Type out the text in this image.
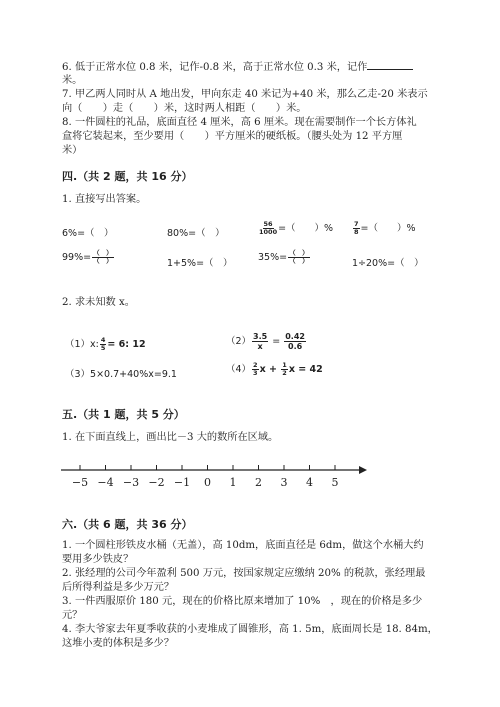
6. 低于正常水位 0.8 米，记作-0.8 米，高于正常水位 0.3 米，记作
米。
7. 甲乙两人同时从 A 地出发，甲向东走 40 米记为+40 米，那么乙走-20 米表示
向（　　）走（　　）米，这时两人相距（　　）米。
8. 一件圆柱的礼品，底面直径 4 厘米，高 6 厘米。现在需要制作一个长方体礼
盒将它装起来，至少要用（　　）平方厘米的硬纸板。（腰头处为 12 平方厘
米）
四.（共 2 题，共 16 分）
1. 直接写出答案。
6%=（　）	80%=（　）	$\frac{56}{1000}$ =（　　）%	$\frac{7}{8}$ =（　　）%
$99\%= \frac{( )}{( )}$	1+5%=（　）
$35\%= \frac{( )}{( )}$	1÷20%=（　）
2. 求未知数 x。
（1）x: $\frac{4}{5} = 6$: 12	$(2) \frac{3.5}{x} = \frac{0.42}{0.6}$
（3）5×0.7+40%x=9.1	$(4) \frac{2}{3}$ $x + \frac{1}{2}$ x = 42
五.（共 1 题，共 5 分）
1. 在下面直线上，画出比－3 大的数所在区域。
−5 −4 −3 −2 −1 0 1 2 3 4 5
六.（共 6 题，共 36 分）
1. 一个圆柱形铁皮水桶（无盖），高 10dm，底面直径是 6dm，做这个水桶大约
要用多少铁皮？
2. 张经理的公司今年盈利 500 万元，按国家规定应缴纳 20% 的税款，张经理最
后所得利益是多少万元？
3. 一件西服原价 180 元，现在的价格比原来增加了 10%　，现在的价格是多少
元？
4. 李大爷家去年夏季收获的小麦堆成了圆锥形，高 1. 5m，底面周长是 18. 84m，
这堆小麦的体积是多少？
